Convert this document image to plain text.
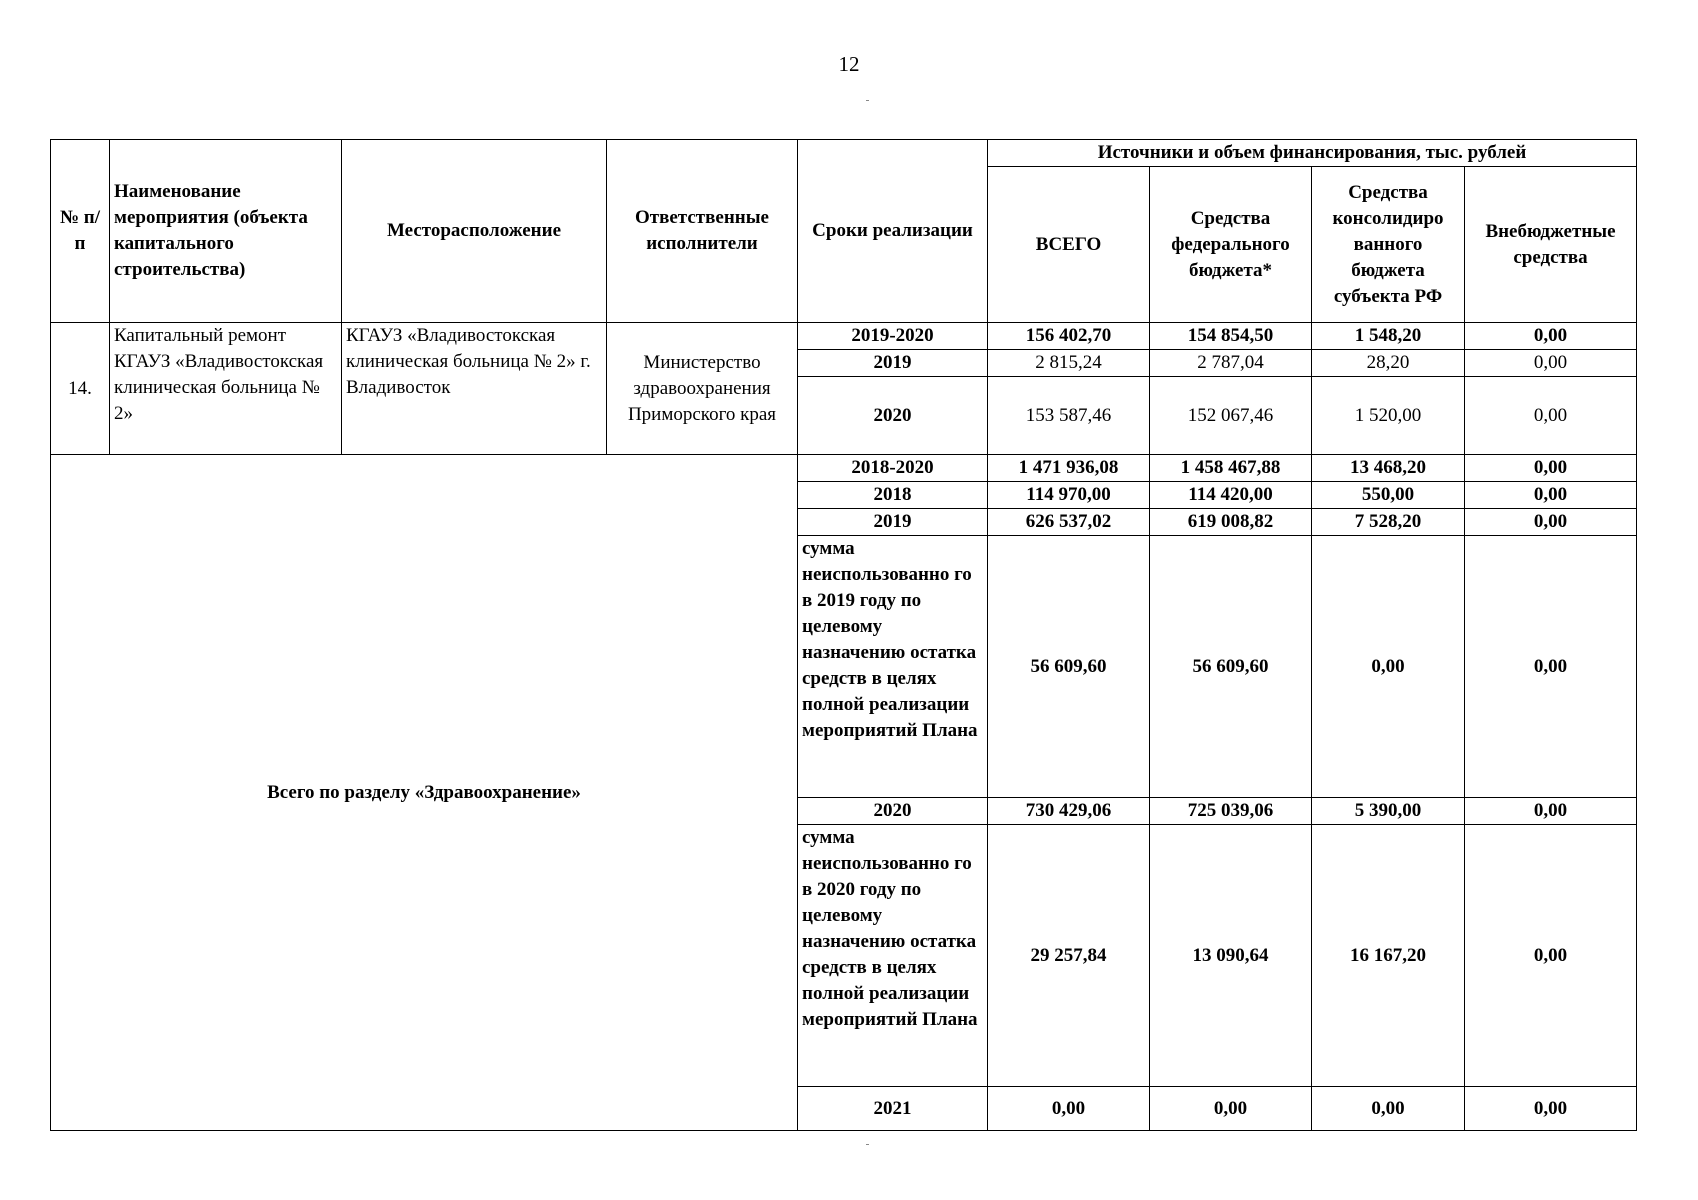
12
№ п/п	Наименование мероприятия (объекта капитального строительства)	Месторасположение	Ответственные исполнители	Сроки реализации	Источники и объем финансирования, тыс. рублей			
					ВСЕГО	Средства федерального бюджета*	Средства консолидиро ванного бюджета субъекта РФ	Внебюджетные средства
14.	Капитальный ремонт КГАУЗ «Владивостокская клиническая больница № 2»	КГАУЗ «Владивостокская клиническая больница № 2» г. Владивосток	Министерство здравоохранения Приморского края	2019-2020	156 402,70	154 854,50	1 548,20	0,00
				2019	2 815,24	2 787,04	28,20	0,00
				2020	153 587,46	152 067,46	1 520,00	0,00
Всего по разделу «Здравоохранение»				2018-2020	1 471 936,08	1 458 467,88	13 468,20	0,00
				2018	114 970,00	114 420,00	550,00	0,00
				2019	626 537,02	619 008,82	7 528,20	0,00
				сумма неиспользованно го в 2019 году по целевому назначению остатка средств в целях полной реализации мероприятий Плана	56 609,60	56 609,60	0,00	0,00
				2020	730 429,06	725 039,06	5 390,00	0,00
				сумма неиспользованно го в 2020 году по целевому назначению остатка средств в целях полной реализации мероприятий Плана	29 257,84	13 090,64	16 167,20	0,00
				2021	0,00	0,00	0,00	0,00
